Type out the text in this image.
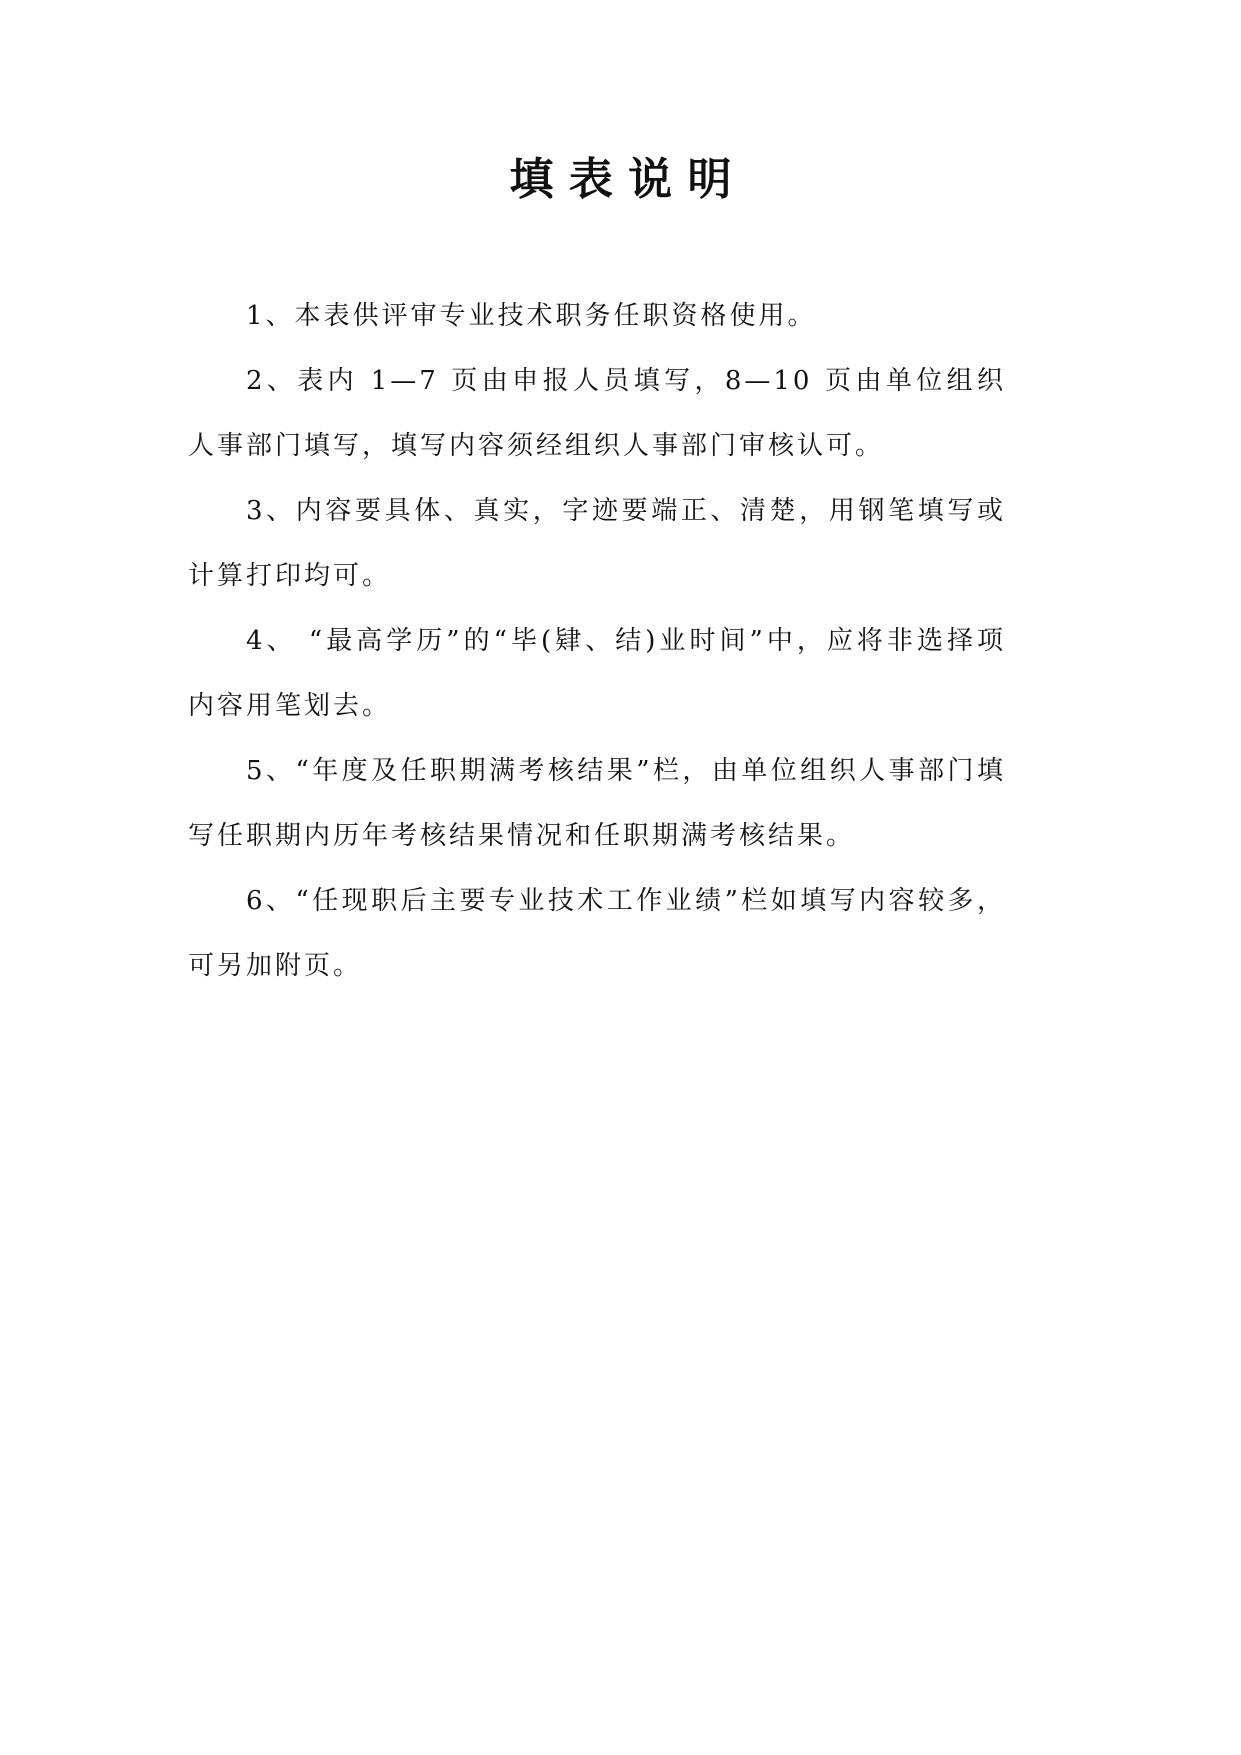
填 表 说 明

1、本表供评审专业技术职务任职资格使用。

2、表内 1—7 页由申报人员填写，8—10 页由单位组织人事部门填写，填写内容须经组织人事部门审核认可。

3、内容要具体、真实，字迹要端正、清楚，用钢笔填写或计算打印均可。

4、 “最高学历”的“毕(肄、结)业时间”中，应将非选择项内容用笔划去。

5、“年度及任职期满考核结果”栏，由单位组织人事部门填写任职期内历年考核结果情况和任职期满考核结果。

6、“任现职后主要专业技术工作业绩”栏如填写内容较多，可另加附页。
